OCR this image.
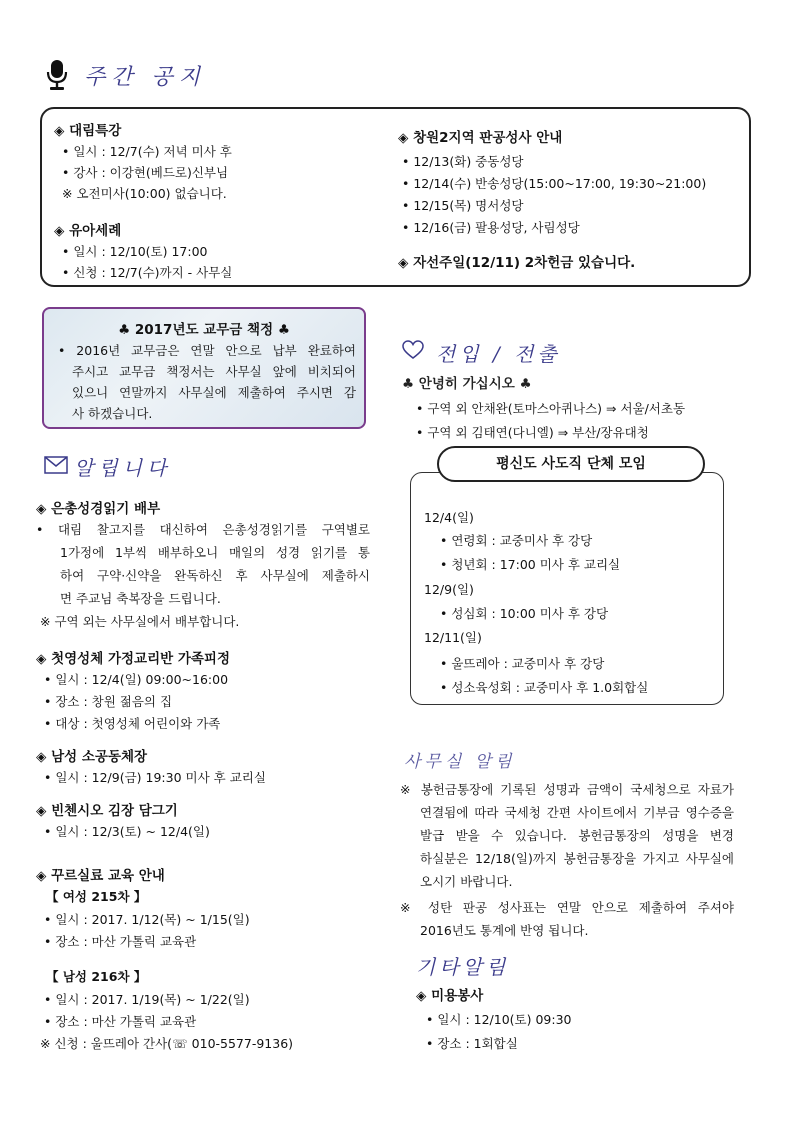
주간 공지
◈ 대림특강
• 일시 : 12/7(수) 저녁 미사 후
• 강사 : 이강현(베드로)신부님
※ 오전미사(10:00) 없습니다.
◈ 유아세례
• 일시 : 12/10(토) 17:00
• 신청 : 12/7(수)까지 - 사무실
◈ 창원2지역 판공성사 안내
• 12/13(화) 중동성당
• 12/14(수) 반송성당(15:00~17:00, 19:30~21:00)
• 12/15(목) 명서성당
• 12/16(금) 팔용성당, 사림성당
◈ 자선주일(12/11) 2차헌금 있습니다.
♣ 2017년도 교무금 책정 ♣
• 2016년 교무금은 연말 안으로 납부 완료하여
주시고 교무금 책정서는 사무실 앞에 비치되어
있으니 연말까지 사무실에 제출하여 주시면 감
사 하겠습니다.
알립니다
◈ 은총성경읽기 배부
• 대림 찰고지를 대신하여 은총성경읽기를 구역별로
1가정에 1부씩 배부하오니 매일의 성경 읽기를 통
하여 구약·신약을 완독하신 후 사무실에 제출하시
면 주교님 축복장을 드립니다.
※ 구역 외는 사무실에서 배부합니다.
◈ 첫영성체 가정교리반 가족피정
• 일시 : 12/4(일) 09:00~16:00
• 장소 : 창원 젊음의 집
• 대상 : 첫영성체 어린이와 가족
◈ 남성 소공동체장
• 일시 : 12/9(금) 19:30 미사 후 교리실
◈ 빈첸시오 김장 담그기
• 일시 : 12/3(토) ~ 12/4(일)
◈ 꾸르실료 교육 안내
【 여성 215차 】
• 일시 : 2017. 1/12(목) ~ 1/15(일)
• 장소 : 마산 가톨릭 교육관
【 남성 216차 】
• 일시 : 2017. 1/19(목) ~ 1/22(일)
• 장소 : 마산 가톨릭 교육관
※ 신청 : 울뜨레아 간사(☏ 010-5577-9136)
전입 / 전출
♣ 안녕히 가십시오 ♣
• 구역 외 안채완(토마스아퀴나스) ⇒ 서울/서초동
• 구역 외 김태연(다니엘) ⇒ 부산/장유대청
평신도 사도직 단체 모임
12/4(일)
• 연령회 : 교중미사 후 강당
• 청년회 : 17:00 미사 후 교리실
12/9(일)
• 성심회 : 10:00 미사 후 강당
12/11(일)
• 울뜨레아 : 교중미사 후 강당
• 성소육성회 : 교중미사 후 1.0회합실
사무실 알림
※ 봉헌금통장에 기록된 성명과 금액이 국세청으로 자료가
연결됨에 따라 국세청 간편 사이트에서 기부금 영수증을
발급 받을 수 있습니다. 봉헌금통장의 성명을 변경
하실분은 12/18(일)까지 봉헌금통장을 가지고 사무실에
오시기 바랍니다.
※ 성탄 판공 성사표는 연말 안으로 제출하여 주셔야
2016년도 통계에 반영 됩니다.
기타알림
◈ 미용봉사
• 일시 : 12/10(토) 09:30
• 장소 : 1회합실
